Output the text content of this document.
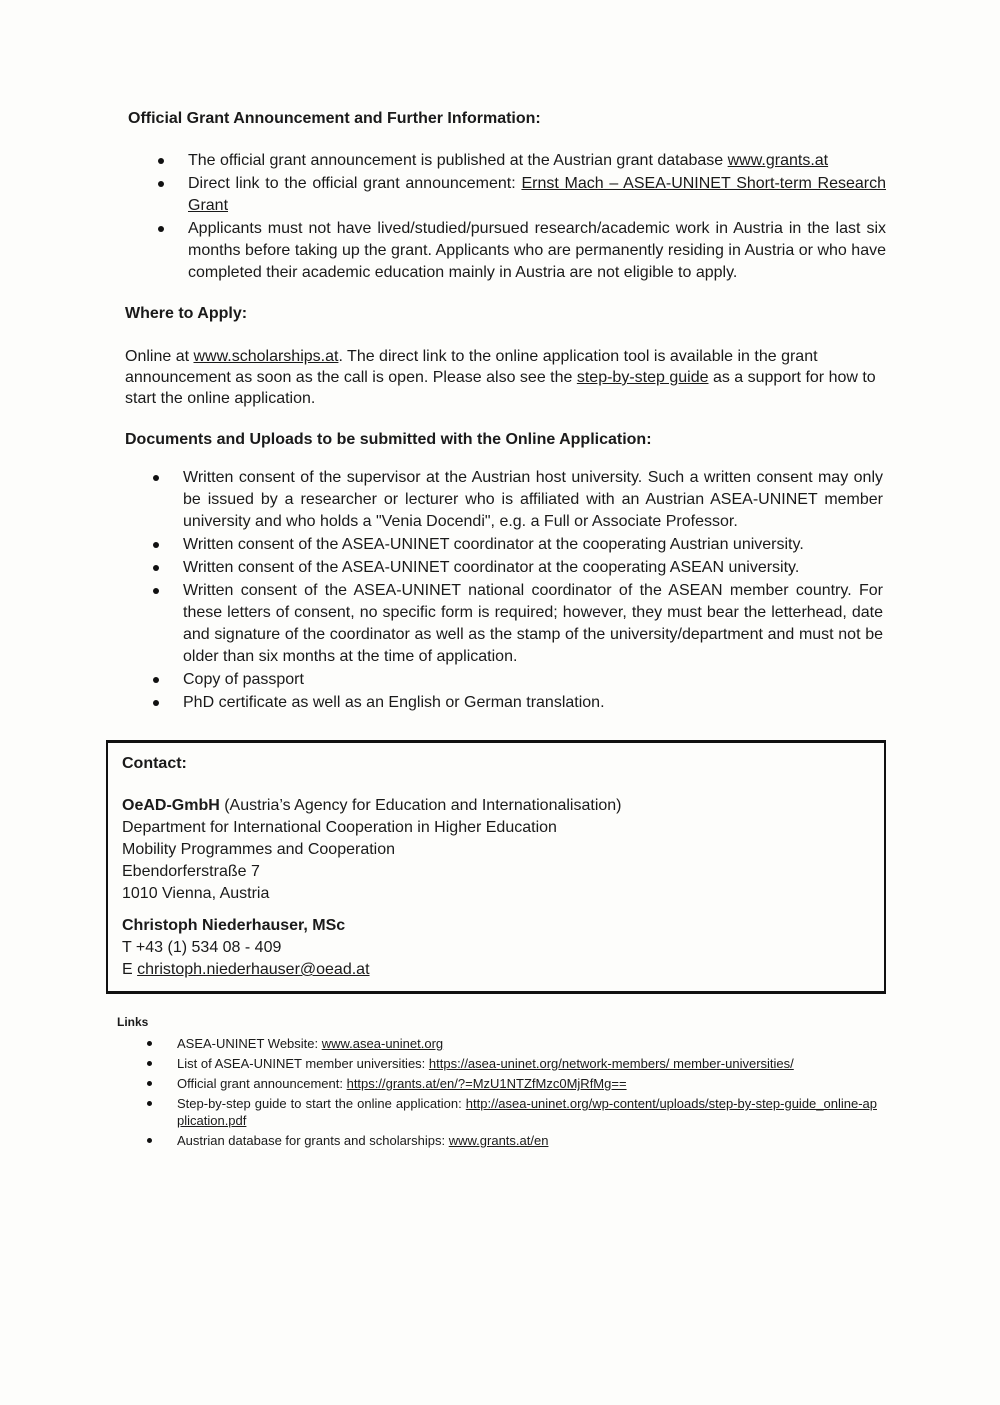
Official Grant Announcement and Further Information:
The official grant announcement is published at the Austrian grant database www.grants.at
Direct link to the official grant announcement: Ernst Mach – ASEA-UNINET Short-term Research Grant
Applicants must not have lived/studied/pursued research/academic work in Austria in the last six months before taking up the grant. Applicants who are permanently residing in Austria or who have completed their academic education mainly in Austria are not eligible to apply.
Where to Apply:
Online at www.scholarships.at. The direct link to the online application tool is available in the grant announcement as soon as the call is open. Please also see the step-by-step guide as a support for how to start the online application.
Documents and Uploads to be submitted with the Online Application:
Written consent of the supervisor at the Austrian host university. Such a written consent may only be issued by a researcher or lecturer who is affiliated with an Austrian ASEA-UNINET member university and who holds a "Venia Docendi", e.g. a Full or Associate Professor.
Written consent of the ASEA-UNINET coordinator at the cooperating Austrian university.
Written consent of the ASEA-UNINET coordinator at the cooperating ASEAN university.
Written consent of the ASEA-UNINET national coordinator of the ASEAN member country. For these letters of consent, no specific form is required; however, they must bear the letterhead, date and signature of the coordinator as well as the stamp of the university/department and must not be older than six months at the time of application.
Copy of passport
PhD certificate as well as an English or German translation.
Contact:
OeAD-GmbH (Austria’s Agency for Education and Internationalisation)
Department for International Cooperation in Higher Education
Mobility Programmes and Cooperation
Ebendorferstraße 7
1010 Vienna, Austria
Christoph Niederhauser, MSc
T +43 (1) 534 08 - 409
E christoph.niederhauser@oead.at
Links
ASEA-UNINET Website: www.asea-uninet.org
List of ASEA-UNINET member universities: https://asea-uninet.org/network-members/ member-universities/
Official grant announcement: https://grants.at/en/?=MzU1NTZfMzc0MjRfMg==
Step-by-step guide to start the online application: http://asea-uninet.org/wp-content/uploads/step-by-step-guide_online-application.pdf
Austrian database for grants and scholarships: www.grants.at/en
